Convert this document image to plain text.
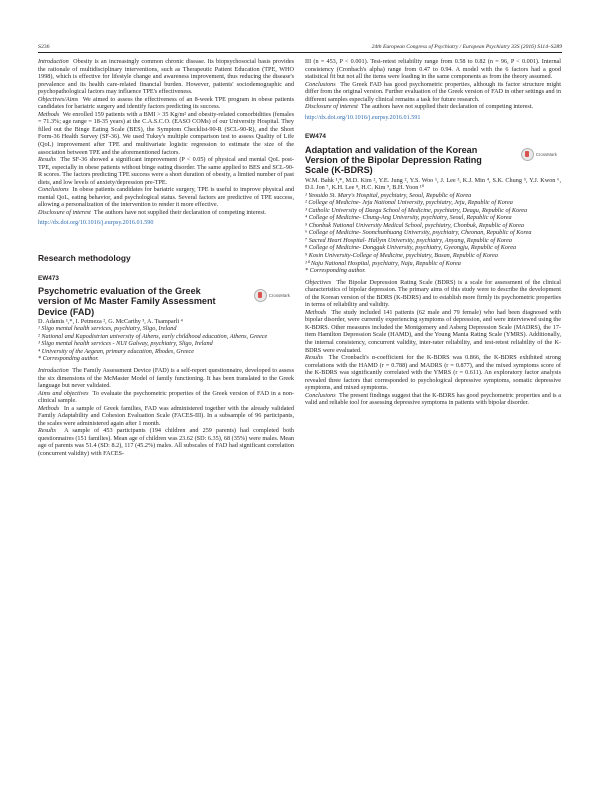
S236	24th European Congress of Psychiatry / European Psychiatry 33S (2016) S114–S289

Introduction Obesity is an increasingly common chronic disease. Its biopsychosocial basis provides the rationale of multidisciplinary interventions, such as Therapeutic Patient Education (TPE, WHO 1998), which is effective for lifestyle change and awareness improvement, thus reducing the disease's prevalence and its health care-related financial burden. However, patients' sociodemographic and psychopathological factors may influence TPE's effectiveness.

Objectives/Aims We aimed to assess the effectiveness of an 8-week TPE program in obese patients candidates for bariatric surgery and identify factors predicting its success.

Methods We enrolled 159 patients with a BMI > 35 Kg/m² and obesity-related comorbidities (females = 71.3%; age range = 18-35 years) at the C.A.S.C.O. (EASO COMs) of our University Hospital. They filled out the Binge Eating Scale (BES), the Symptom Checklist-90-R (SCL-90-R), and the Short Form-36 Health Survey (SF-36). We used Tukey's multiple comparison test to assess Quality of Life (QoL) improvement after TPE and multivariate logistic regression to estimate the size of the association between TPE and the aforementioned factors.

Results The SF-36 showed a significant improvement (P < 0.05) of physical and mental QoL post-TPE, especially in obese patients without binge eating disorder. The same applied to BES and SCL-90-R scores. The factors predicting TPE success were a short duration of obesity, a limited number of past diets, and low levels of anxiety/depression pre-TPE.

Conclusions In obese patients candidates for bariatric surgery, TPE is useful to improve physical and mental QoL, eating behavior, and psychological status. Several factors are predictive of TPE success, allowing a personalization of the intervention to render it more effective.

Disclosure of interest The authors have not supplied their declaration of competing interest.

http://dx.doi.org/10.1016/j.eurpsy.2016.01.590
Research methodology
EW473
Psychometric evaluation of the Greek version of Mc Master Family Assessment Device (FAD)
CrossMark

D. Adamis ¹,*, I. Petmeza ², G. McCarthy ³, A. Tsamparli ⁴

¹ Sligo mental health services, psychiatry, Sligo, Ireland

² National and Kapodistrian university of Athens, early childhood education, Athens, Greece

³ Sligo mental health services - NUI Galway, psychiatry, Sligo, Ireland

⁴ University of the Aegean, primary education, Rhodes, Greece

* Corresponding author.

Introduction The Family Assessment Device (FAD) is a self-report questionnaire, developed to assess the six dimensions of the McMaster Model of family functioning. It has been translated to the Greek language but never validated.

Aims and objectives To evaluate the psychometric properties of the Greek version of FAD in a non-clinical sample.

Methods In a sample of Greek families, FAD was administered together with the already validated Family Adaptability and Cohesion Evaluation Scale (FACES-III). In a subsample of 96 participants, the scales were administered again after 1 month.

Results A sample of 453 participants (194 children and 259 parents) had completed both questionnaires (151 families). Mean age of children was 23.62 (SD: 6.35), 68 (35%) were males. Mean age of parents was 51.4 (SD: 8.2), 117 (45.2%) males. All subscales of FAD had significant correlation (concurrent validity) with FACES-

III (n = 453, P < 0.001). Test-retest reliability range from 0.58 to 0.82 (n = 96, P < 0.001). Internal consistency (Cronbach's alpha) range from 0.47 to 0.94. A model with the 6 factors had a good statistical fit but not all the items were loading in the same components as from the theory assumed.

Conclusions The Greek FAD has good psychometric properties, although its factor structure might differ from the original version. Further evaluation of the Greek version of FAD in other settings and in different samples especially clinical remains a task for future research.

Disclosure of interest The authors have not supplied their declaration of competing interest.

http://dx.doi.org/10.1016/j.eurpsy.2016.01.591
EW474
Adaptation and validation of the Korean Version of the Bipolar Depression Rating Scale (K-BDRS)
CrossMark

W.M. Bahk ¹,*, M.D. Kim ², Y.E. Jung ², Y.S. Woo ¹, J. Lee ³, K.J. Min ⁴, S.K. Chung ⁵, Y.J. Kwon ⁶, D.I. Jon ⁷, K.H. Lee ⁸, H.C. Kim ⁹, B.H. Yoon ¹⁰

¹ Yeouido St. Mary's Hospital, psychiatry, Seoul, Republic of Korea

² College of Medicine- Jeju National University, psychiatry, Jeju, Republic of Korea

³ Catholic University of Daegu School of Medicine, psychiatry, Deagu, Republic of Korea

⁴ College of Medicine- Chung-Ang University, psychiatry, Seoul, Republic of Korea

⁵ Chonbuk National University Medical School, psychiatry, Chonbuk, Republic of Korea

⁶ College of Medicine- Soonchunhuang University, psychiatry, Cheonan, Republic of Korea

⁷ Sacred Heart Hospital- Hallym University, psychiatry, Anyang, Republic of Korea

⁸ College of Medicine- Dongguk University, psychiatry, Gyeongju, Republic of Korea

⁹ Kosin University-College of Medicine, psychiatry, Busan, Republic of Korea

¹⁰ Naju National Hospital, psychiatry, Naju, Republic of Korea

* Corresponding author.

Objectives The Bipolar Depression Rating Scale (BDRS) is a scale for assessment of the clinical characteristics of bipolar depression. The primary aims of this study were to describe the development of the Korean version of the BDRS (K-BDRS) and to establish more firmly its psychometric properties in terms of reliability and validity.

Methods The study included 141 patients (62 male and 79 female) who had been diagnosed with bipolar disorder, were currently experiencing symptoms of depression, and were interviewed using the K-BDRS. Other measures included the Montgomery and Asberg Depression Scale (MADRS), the 17-item Hamilton Depression Scale (HAMD), and the Young Mania Rating Scale (YMRS). Additionally, the internal consistency, concurrent validity, inter-rater reliability, and test-retest reliability of the K-BDRS were evaluated.

Results The Cronbach's α-coefficient for the K-BDRS was 0.866, the K-BDRS exhibited strong correlations with the HAMD (r = 0.788) and MADRS (r = 0.877), and the mixed symptoms score of the K-BDRS was significantly correlated with the YMRS (r = 0.611). An exploratory factor analysis revealed three factors that corresponded to psychological depressive symptoms, somatic depressive symptoms, and mixed symptoms.

Conclusions The present findings suggest that the K-BDRS has good psychometric properties and is a valid and reliable tool for assessing depressive symptoms in patients with bipolar disorder.
